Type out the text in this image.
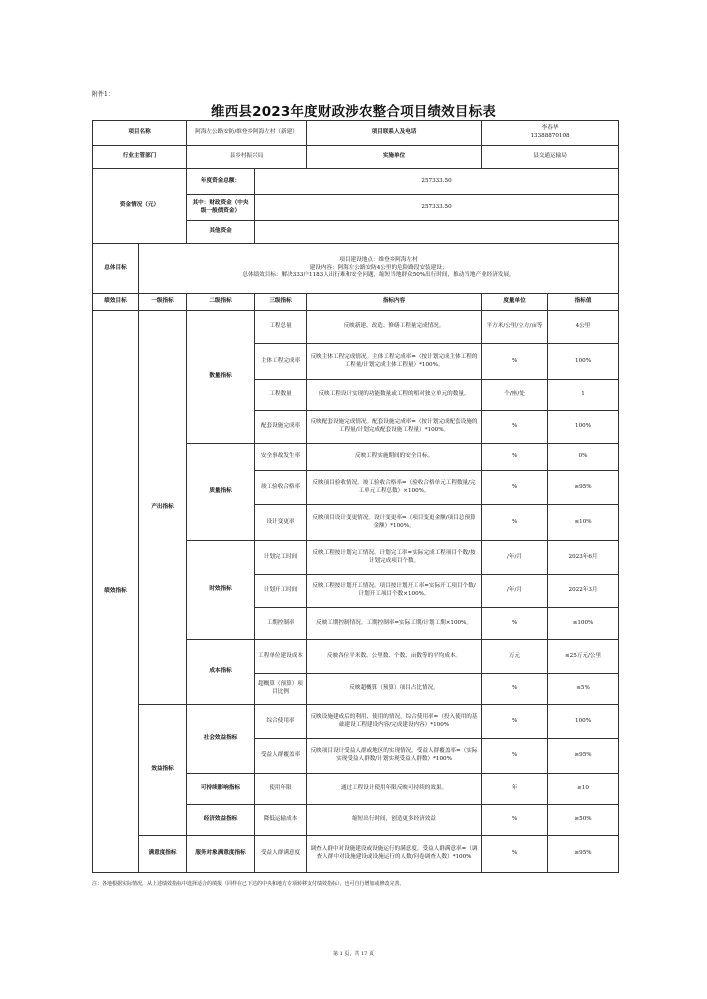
附件1：
维西县2023年度财政涉农整合项目绩效目标表
项目名称		阿海左公路安防/维登乡阿海左村（新建）		项目联系人及电话	李春华
13388870108	

行业主管部门		县乡村振兴局		实施单位	县交通运输局	
资金情况（元）		年度资金总额：	257333.50			
		其中：财政资金（中央级一般债资金）	257333.50			
		其他资金				
总体目标	项目建设地点：维登乡阿海左村
建设内容：阿海左公路安防4公里的危险路段安装建设；
总体绩效目标：解决333户1183人出行难和安全问题，缩短当地群众50%出行时间，推动当地产业经济发展。					

绩效目标	一级指标	二级指标	三级指标	指标内容	度量单位	指标值
绩效指标	产出指标	数量指标	工程总量	反映新建、改造、修缮工程量完成情况。	平方米/公里/立方/亩等	4公里
			主体工程完成率	反映主体工程完成情况。主体工程完成率=（按计划完成主体工程的工程量/计划完成主体工程量）*100%。	%	100%
			工程数量	反映工程设计实现的功能数量或工程的相对独立单元的数量。	个/座/处	1
			配套设施完成率	反映配套设施完成情况。配套设施完成率=（按计划完成配套设施的工程量/计划完成配套设施工程量）*100%。	%	100%
		质量指标	安全事故发生率	反映工程实施期间的安全目标。	%	0%
			竣工验收合格率	反映项目验收情况。竣工验收合格率=（验收合格单元工程数量/完工单元工程总数）×100%。	%	≥95%
			设计变更率	反映项目设计变更情况。设计变更率=（项目变更金额/项目总预算金额）*100%。	%	≤10%
		时效指标	计划完工时间	反映工程按计划完工情况。计划完工率=实际完成工程项目个数/按计划完成项目个数。	/年/月	2023年6月
			计划开工时间	反映工程按计划开工情况。项目按计划开工率=实际开工项目个数/计划开工项目个数×100%。	/年/月	2022年3月
			工期控制率	反映工期控制情况。工期控制率=实际工期/计划工期×100%。	%	≤100%
		成本指标	工程单位建设成本	反映各位平米数、公里数、个数、亩数等的平均成本。	万元	≤25万元/公里
			超概算（预算）项目比例	反映超概算（预算）项目占比情况。	%	≤5%
	效益指标	社会效益指标	综合使用率	反映设施建成后的利用、使用的情况。综合使用率=（投入使用的基础建设工程建设内容/完成建设内容）*100%	%	100%
			受益人群覆盖率	反映项目设计受益人群或地区的实现情况。受益人群覆盖率=（实际实现受益人群数/计划实现受益人群数）*100%	%	≥95%
		可持续影响指标	使用年限	通过工程设计使用年限反映可持续的效果。	年	≥10
		经济效益指标	降低运输成本	缩短出行时间，创造更多经济效益	%	≥50%
	满意度指标	服务对象满意度指标	受益人群满意度	调查人群中对设施建设或设施运行的满意度。受益人群满意率=（调查人群中对设施建设或设施运行的人数/问卷调查人数）*100%	%	≥95%
注：各地根据实际情况，从上述绩效指标中选择适合的填报（同样在已下达的中央和地方专项转移支付绩效指标），也可自行增加或修改完善。
第 1 页，共 17 页
